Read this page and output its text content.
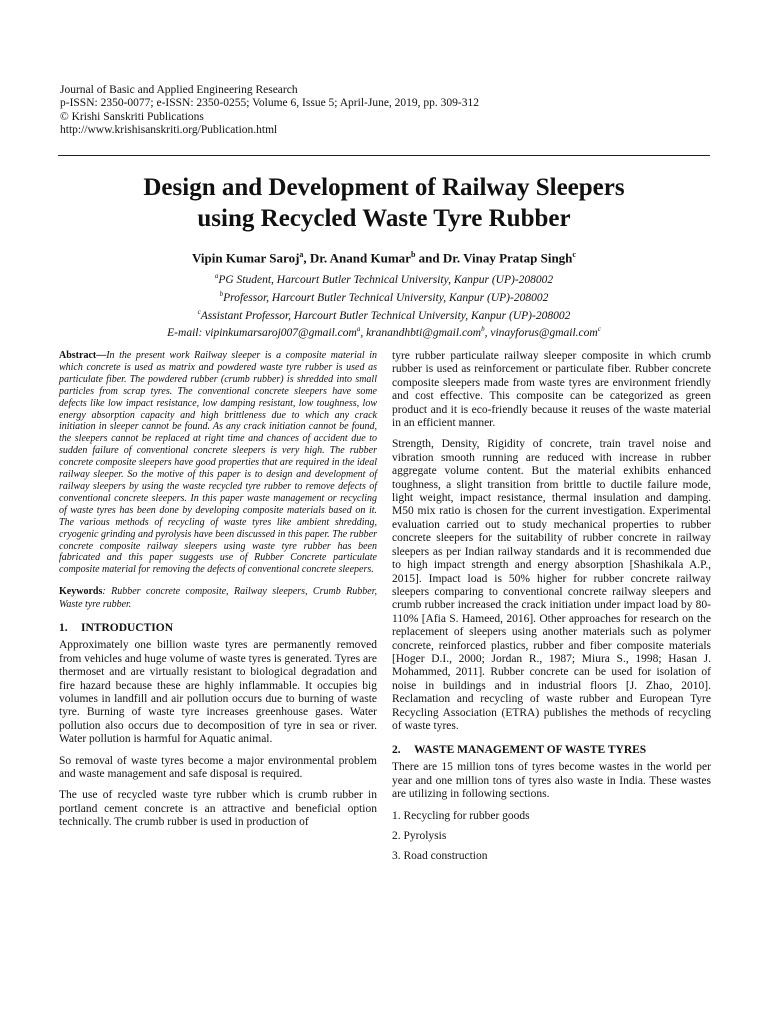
Journal of Basic and Applied Engineering Research
p-ISSN: 2350-0077; e-ISSN: 2350-0255; Volume 6, Issue 5; April-June, 2019, pp. 309-312
© Krishi Sanskriti Publications
http://www.krishisanskriti.org/Publication.html
Design and Development of Railway Sleepers
using Recycled Waste Tyre Rubber
Vipin Kumar Saroj$^a$, Dr. Anand Kumar$^b$ and Dr. Vinay Pratap Singh$^c$
$^a$PG Student, Harcourt Butler Technical University, Kanpur (UP)-208002
$^b$Professor, Harcourt Butler Technical University, Kanpur (UP)-208002
$^c$Assistant Professor, Harcourt Butler Technical University, Kanpur (UP)-208002
E-mail: vipinkumarsaroj007@gmail.com$^a$, kranandhbti@gmail.com$^b$, vinayforus@gmail.com$^c$
Abstract—In the present work Railway sleeper is a composite material in which concrete is used as matrix and powdered waste tyre rubber is used as particulate fiber. The powdered rubber (crumb rubber) is shredded into small particles from scrap tyres. The conventional concrete sleepers have some defects like low impact resistance, low damping resistant, low toughness, low energy absorption capacity and high brittleness due to which any crack initiation in sleeper cannot be found. As any crack initiation cannot be found, the sleepers cannot be replaced at right time and chances of accident due to sudden failure of conventional concrete sleepers is very high. The rubber concrete composite sleepers have good properties that are required in the ideal railway sleeper. So the motive of this paper is to design and development of railway sleepers by using the waste recycled tyre rubber to remove defects of conventional concrete sleepers. In this paper waste management or recycling of waste tyres has been done by developing composite materials based on it. The various methods of recycling of waste tyres like ambient shredding, cryogenic grinding and pyrolysis have been discussed in this paper. The rubber concrete composite railway sleepers using waste tyre rubber has been fabricated and this paper suggests use of Rubber Concrete particulate composite material for removing the defects of conventional concrete sleepers.
Keywords: Rubber concrete composite, Railway sleepers, Crumb Rubber, Waste tyre rubber.
1. INTRODUCTION

Approximately one billion waste tyres are permanently removed from vehicles and huge volume of waste tyres is generated. Tyres are thermoset and are virtually resistant to biological degradation and fire hazard because these are highly inflammable. It occupies big volumes in landfill and air pollution occurs due to burning of waste tyre. Burning of waste tyre increases greenhouse gases. Water pollution also occurs due to decomposition of tyre in sea or river. Water pollution is harmful for Aquatic animal.

So removal of waste tyres become a major environmental problem and waste management and safe disposal is required.

The use of recycled waste tyre rubber which is crumb rubber in portland cement concrete is an attractive and beneficial option technically. The crumb rubber is used in production of

tyre rubber particulate railway sleeper composite in which crumb rubber is used as reinforcement or particulate fiber. Rubber concrete composite sleepers made from waste tyres are environment friendly and cost effective. This composite can be categorized as green product and it is eco-friendly because it reuses of the waste material in an efficient manner.

Strength, Density, Rigidity of concrete, train travel noise and vibration smooth running are reduced with increase in rubber aggregate volume content. But the material exhibits enhanced toughness, a slight transition from brittle to ductile failure mode, light weight, impact resistance, thermal insulation and damping. M50 mix ratio is chosen for the current investigation. Experimental evaluation carried out to study mechanical properties to rubber concrete sleepers for the suitability of rubber concrete in railway sleepers as per Indian railway standards and it is recommended due to high impact strength and energy absorption [Shashikala A.P., 2015]. Impact load is 50% higher for rubber concrete railway sleepers comparing to conventional concrete railway sleepers and crumb rubber increased the crack initiation under impact load by 80-110% [Afia S. Hameed, 2016]. Other approaches for research on the replacement of sleepers using another materials such as polymer concrete, reinforced plastics, rubber and fiber composite materials [Hoger D.I., 2000; Jordan R., 1987; Miura S., 1998; Hasan J. Mohammed, 2011]. Rubber concrete can be used for isolation of noise in buildings and in industrial floors [J. Zhao, 2010]. Reclamation and recycling of waste rubber and European Tyre Recycling Association (ETRA) publishes the methods of recycling of waste tyres.

2. WASTE MANAGEMENT OF WASTE TYRES

There are 15 million tons of tyres become wastes in the world per year and one million tons of tyres also waste in India. These wastes are utilizing in following sections.

1. Recycling for rubber goods
2. Pyrolysis
3. Road construction
